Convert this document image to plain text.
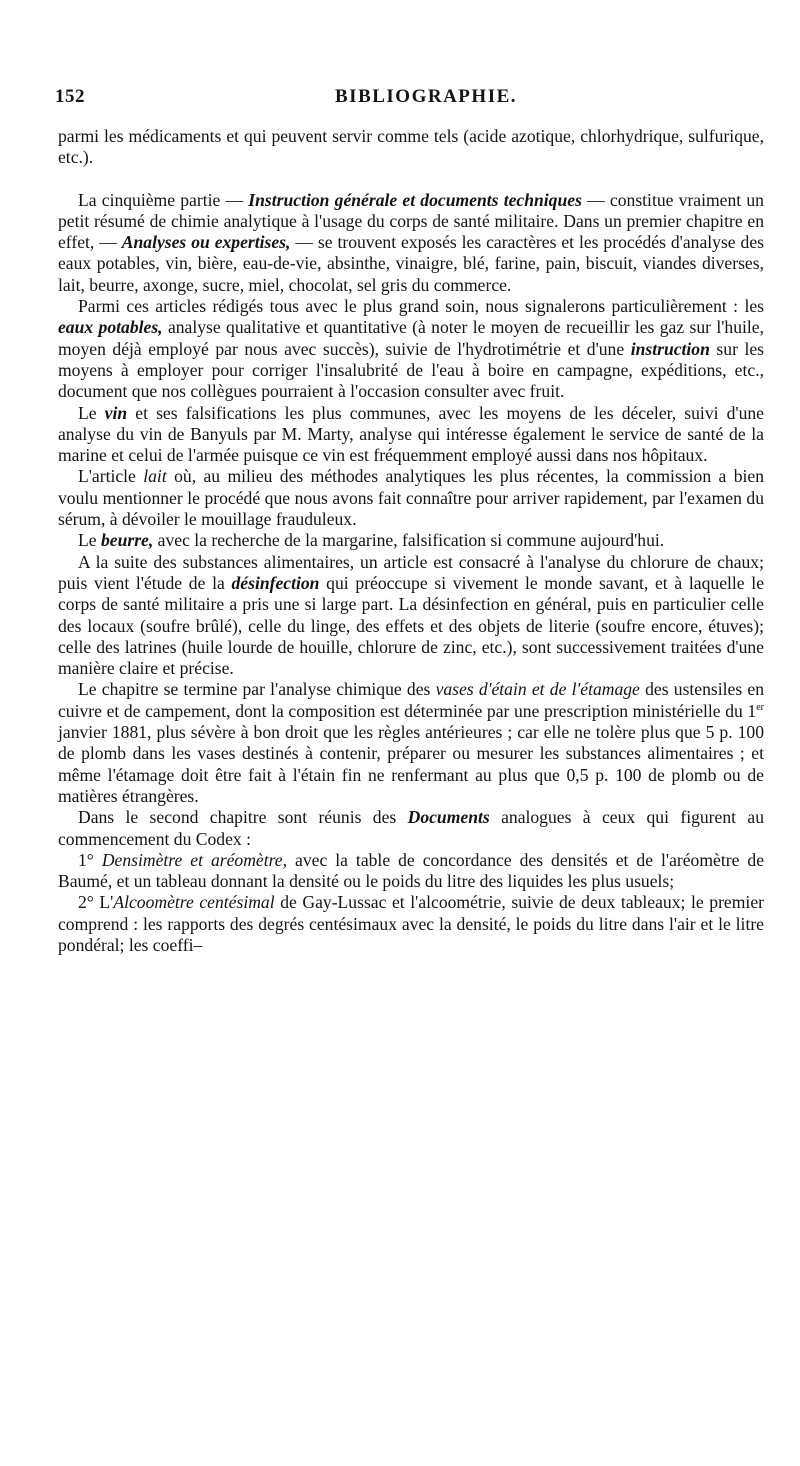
152	BIBLIOGRAPHIE.

parmi les médicaments et qui peuvent servir comme tels (acide azotique, chlorhydrique, sulfurique, etc.).

La cinquième partie — Instruction générale et documents techniques — constitue vraiment un petit résumé de chimie analytique à l'usage du corps de santé militaire. Dans un premier chapitre en effet, — Analyses ou expertises, — se trouvent exposés les caractères et les procédés d'analyse des eaux potables, vin, bière, eau-de-vie, absinthe, vinaigre, blé, farine, pain, biscuit, viandes diverses, lait, beurre, axonge, sucre, miel, chocolat, sel gris du commerce.

Parmi ces articles rédigés tous avec le plus grand soin, nous signalerons particulièrement : les eaux potables, analyse qualitative et quantitative (à noter le moyen de recueillir les gaz sur l'huile, moyen déjà employé par nous avec succès), suivie de l'hydrotimétrie et d'une instruction sur les moyens à employer pour corriger l'insalubrité de l'eau à boire en campagne, expéditions, etc., document que nos collègues pourraient à l'occasion consulter avec fruit.

Le vin et ses falsifications les plus communes, avec les moyens de les déceler, suivi d'une analyse du vin de Banyuls par M. Marty, analyse qui intéresse également le service de santé de la marine et celui de l'armée puisque ce vin est fréquemment employé aussi dans nos hôpitaux.

L'article lait où, au milieu des méthodes analytiques les plus récentes, la commission a bien voulu mentionner le procédé que nous avons fait connaître pour arriver rapidement, par l'examen du sérum, à dévoiler le mouillage frauduleux.

Le beurre, avec la recherche de la margarine, falsification si commune aujourd'hui.

A la suite des substances alimentaires, un article est consacré à l'analyse du chlorure de chaux; puis vient l'étude de la désinfection qui préoccupe si vivement le monde savant, et à laquelle le corps de santé militaire a pris une si large part. La désinfection en général, puis en particulier celle des locaux (soufre brûlé), celle du linge, des effets et des objets de literie (soufre encore, étuves); celle des latrines (huile lourde de houille, chlorure de zinc, etc.), sont successivement traitées d'une manière claire et précise.

Le chapitre se termine par l'analyse chimique des vases d'étain et de l'étamage des ustensiles en cuivre et de campement, dont la composition est déterminée par une prescription ministérielle du 1er janvier 1881, plus sévère à bon droit que les règles antérieures ; car elle ne tolère plus que 5 p. 100 de plomb dans les vases destinés à contenir, préparer ou mesurer les substances alimentaires ; et même l'étamage doit être fait à l'étain fin ne renfermant au plus que 0,5 p. 100 de plomb ou de matières étrangères.

Dans le second chapitre sont réunis des Documents analogues à ceux qui figurent au commencement du Codex :

1° Densimètre et aréomètre, avec la table de concordance des densités et de l'aréomètre de Baumé, et un tableau donnant la densité ou le poids du litre des liquides les plus usuels;

2° L'Alcoomètre centésimal de Gay-Lussac et l'alcoométrie, suivie de deux tableaux; le premier comprend : les rapports des degrés centésimaux avec la densité, le poids du litre dans l'air et le litre pondéral; les coeffi–
